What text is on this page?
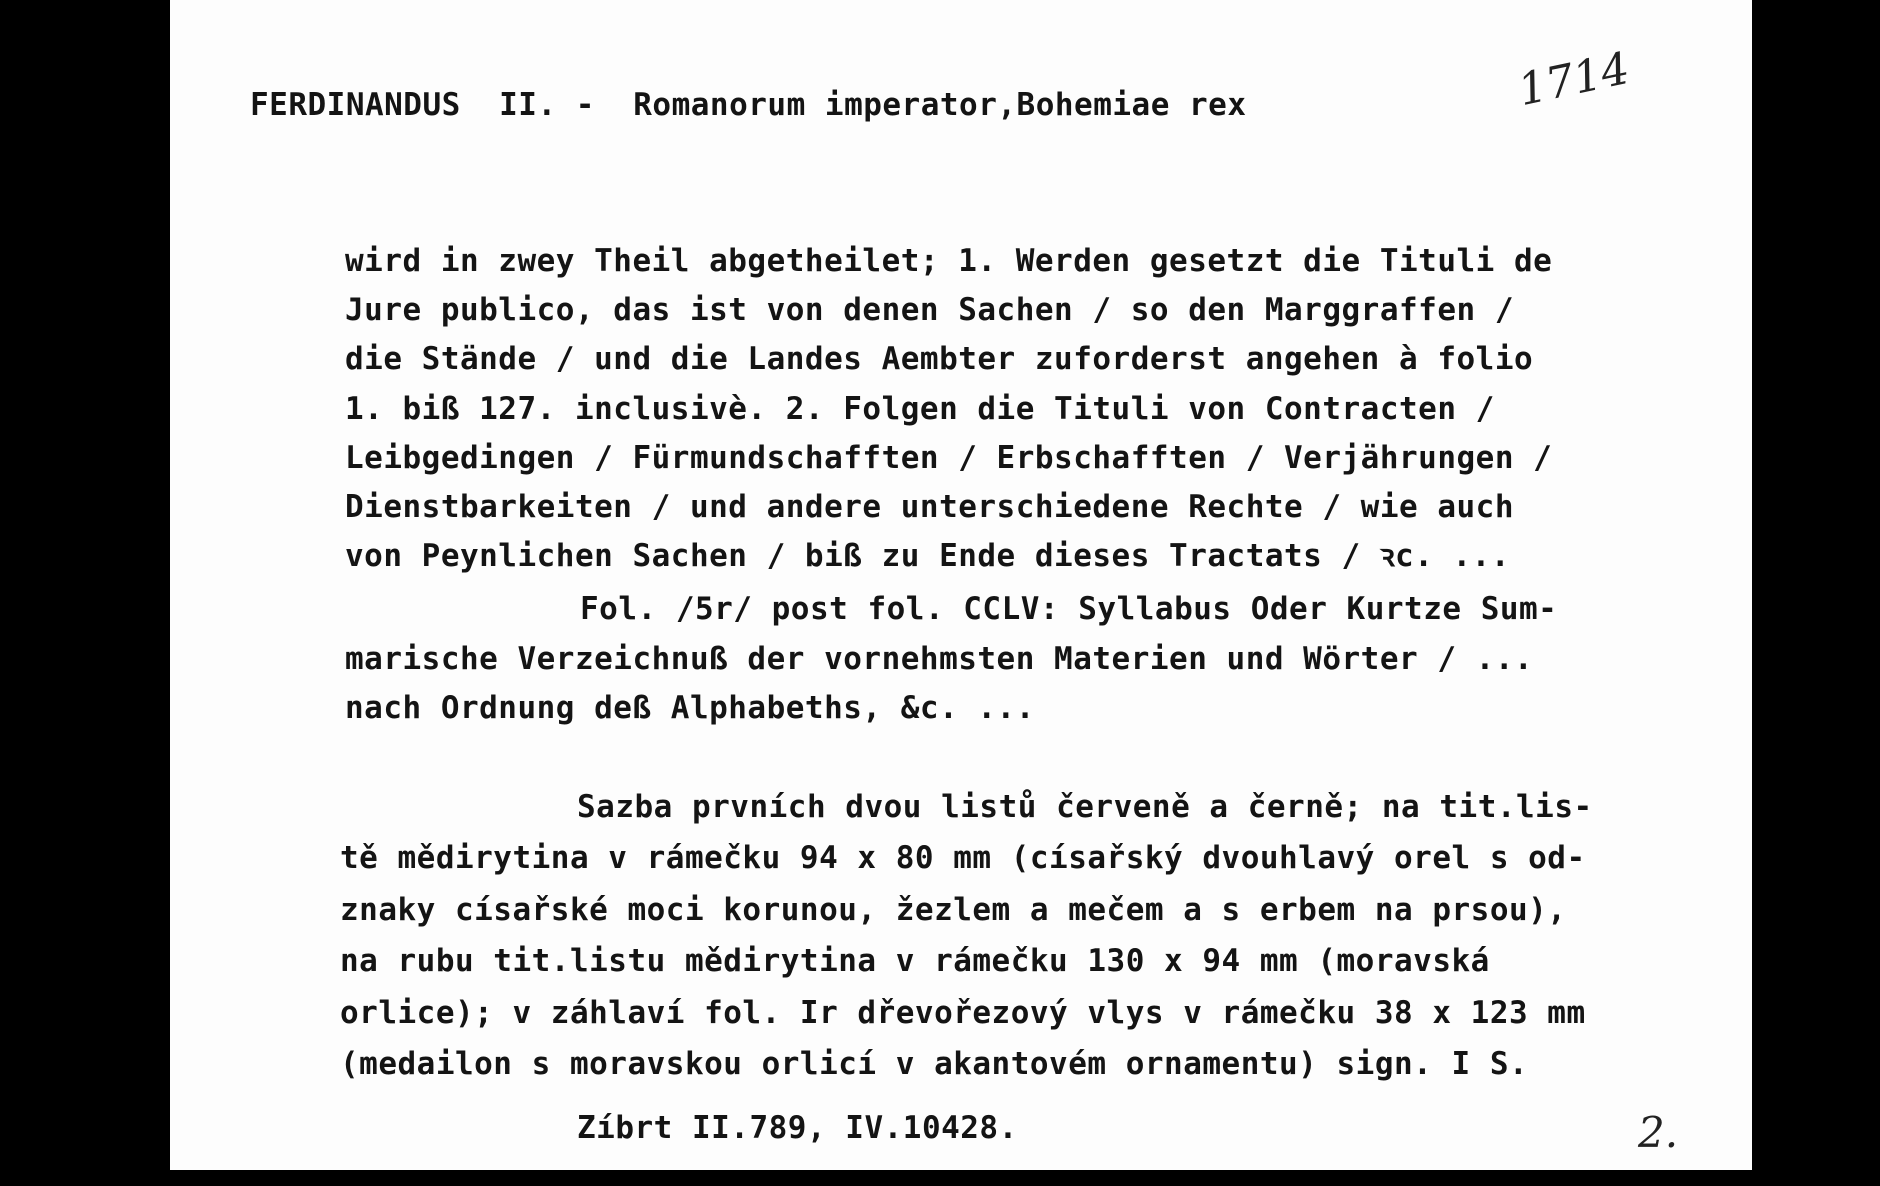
FERDINANDUS  II. -  Romanorum imperator,Bohemiae rex	1714
wird in zwey Theil abgetheilet; 1. Werden gesetzt die Tituli de
Jure publico, das ist von denen Sachen / so den Marggraffen /
die Stände / und die Landes Aembter zuforderst angehen à folio
1. biß 127. inclusivè. 2. Folgen die Tituli von Contracten /
Leibgedingen / Fürmundschafften / Erbschafften / Verjährungen /
Dienstbarkeiten / und andere unterschiedene Rechte / wie auch
von Peynlichen Sachen / biß zu Ende dieses Tractats / ꝛc. ...
Fol. /5r/ post fol. CCLV: Syllabus Oder Kurtze Sum-
marische Verzeichnuß der vornehmsten Materien und Wörter / ...
nach Ordnung deß Alphabeths, &c. ...
Sazba prvních dvou listů červeně a černě; na tit.lis-
tě mědirytina v rámečku 94 x 80 mm (císařský dvouhlavý orel s od-
znaky císařské moci korunou, žezlem a mečem a s erbem na prsou),
na rubu tit.listu mědirytina v rámečku 130 x 94 mm (moravská
orlice); v záhlaví fol. Ir dřevořezový vlys v rámečku 38 x 123 mm
(medailon s moravskou orlicí v akantovém ornamentu) sign. I S.
Zíbrt II.789, IV.10428.	2.
